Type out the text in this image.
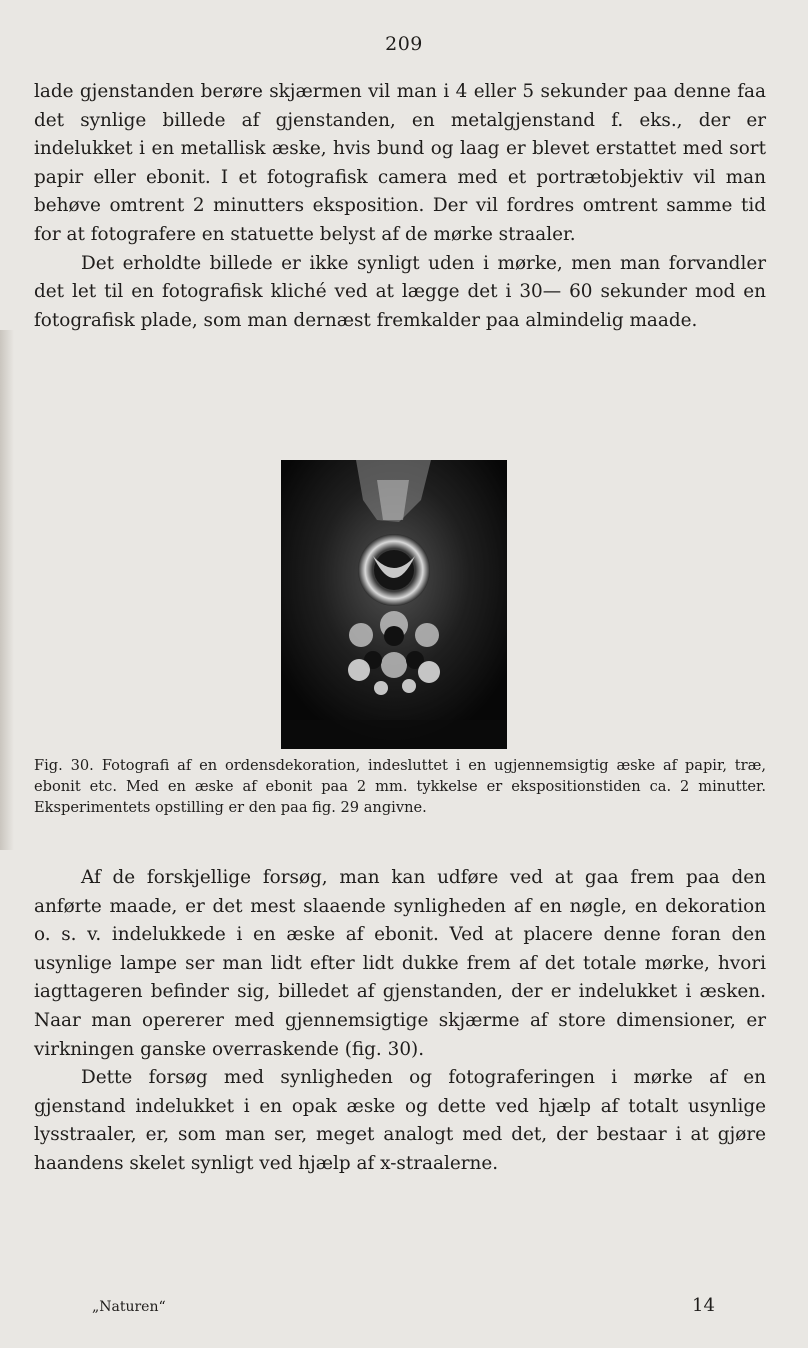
209

lade gjenstanden berøre skjærmen vil man i 4 eller 5 sekunder paa denne faa det synlige billede af gjenstanden, en metalgjenstand f. eks., der er indelukket i en metallisk æske, hvis bund og laag er blevet erstattet med sort papir eller ebonit. I et fotografisk camera med et portrætobjektiv vil man behøve omtrent 2 minutters eksposition. Der vil fordres omtrent samme tid for at fotografere en statuette belyst af de mørke straaler.

Det erholdte billede er ikke synligt uden i mørke, men man forvandler det let til en fotografisk kliché ved at lægge det i 30— 60 sekunder mod en fotografisk plade, som man dernæst fremkalder paa almindelig maade.

Fig. 30. Fotografi af en ordensdekoration, indesluttet i en ugjennemsigtig æske af papir, træ, ebonit etc. Med en æske af ebonit paa 2 mm. tykkelse er ekspositionstiden ca. 2 minutter. Eksperimentets opstilling er den paa fig. 29 angivne.

Af de forskjellige forsøg, man kan udføre ved at gaa frem paa den anførte maade, er det mest slaaende synligheden af en nøgle, en dekoration o. s. v. indelukkede i en æske af ebonit. Ved at placere denne foran den usynlige lampe ser man lidt efter lidt dukke frem af det totale mørke, hvori iagttageren befinder sig, billedet af gjenstanden, der er indelukket i æsken. Naar man opererer med gjennemsigtige skjærme af store dimensioner, er virkningen ganske overraskende (fig. 30).

Dette forsøg med synligheden og fotograferingen i mørke af en gjenstand indelukket i en opak æske og dette ved hjælp af totalt usynlige lysstraaler, er, som man ser, meget analogt med det, der bestaar i at gjøre haandens skelet synligt ved hjælp af x-straalerne.

„Naturen“	14
